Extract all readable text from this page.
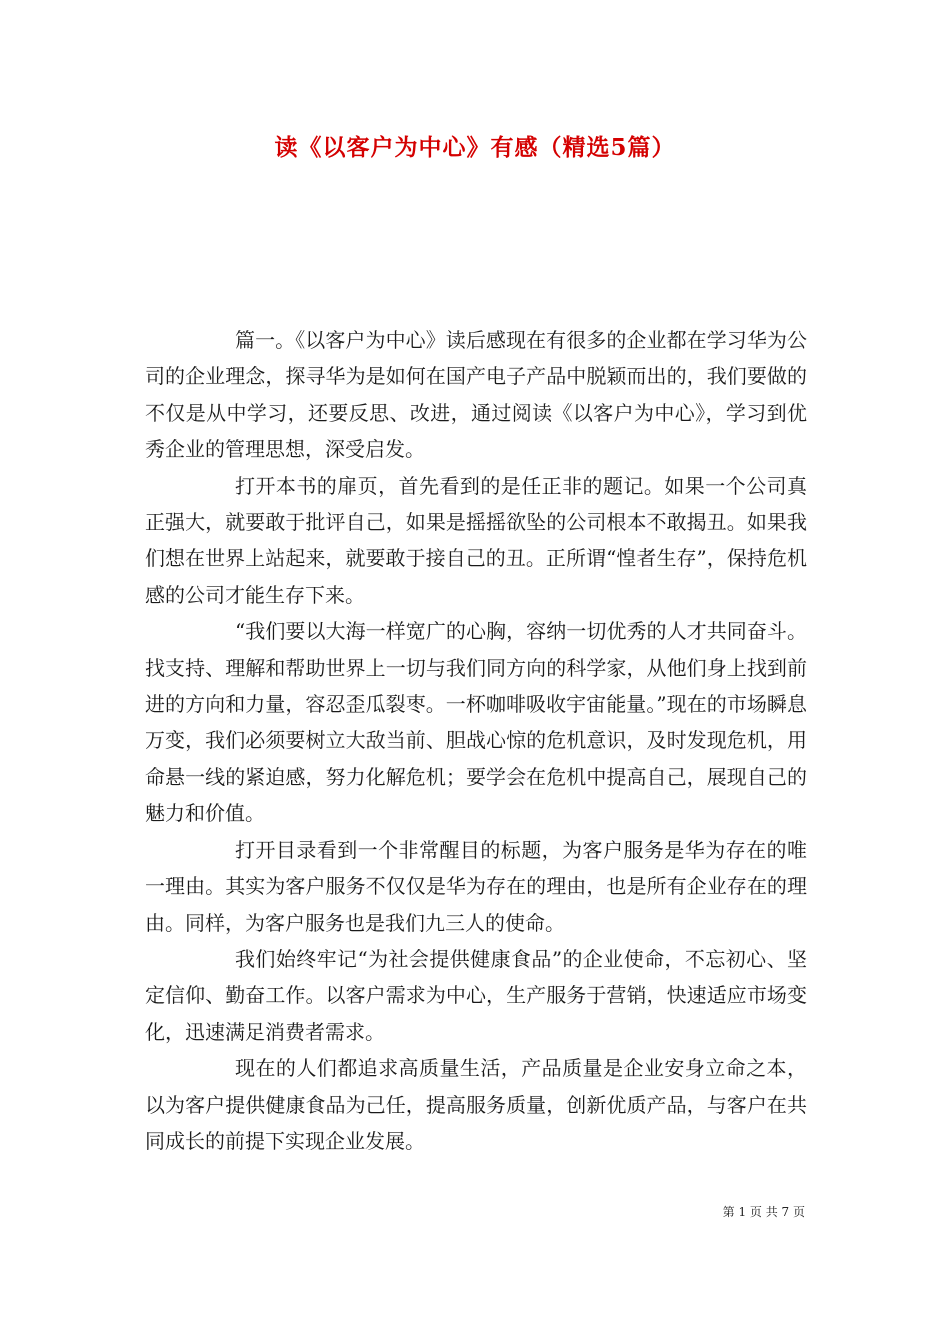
读《以客户为中心》有感（精选5篇）

篇一。《以客户为中心》读后感现在有很多的企业都在学习华为公司的企业理念，探寻华为是如何在国产电子产品中脱颖而出的，我们要做的不仅是从中学习，还要反思、改进，通过阅读《以客户为中心》，学习到优秀企业的管理思想，深受启发。

打开本书的扉页，首先看到的是任正非的题记。如果一个公司真正强大，就要敢于批评自己，如果是摇摇欲坠的公司根本不敢揭丑。如果我们想在世界上站起来，就要敢于接自己的丑。正所谓“惶者生存”，保持危机感的公司才能生存下来。

“我们要以大海一样宽广的心胸，容纳一切优秀的人才共同奋斗。找支持、理解和帮助世界上一切与我们同方向的科学家，从他们身上找到前进的方向和力量，容忍歪瓜裂枣。一杯咖啡吸收宇宙能量。”现在的市场瞬息万变，我们必须要树立大敌当前、胆战心惊的危机意识，及时发现危机，用命悬一线的紧迫感，努力化解危机；要学会在危机中提高自己，展现自己的魅力和价值。

打开目录看到一个非常醒目的标题，为客户服务是华为存在的唯一理由。其实为客户服务不仅仅是华为存在的理由，也是所有企业存在的理由。同样，为客户服务也是我们九三人的使命。

我们始终牢记“为社会提供健康食品”的企业使命，不忘初心、坚定信仰、勤奋工作。以客户需求为中心，生产服务于营销，快速适应市场变化，迅速满足消费者需求。

现在的人们都追求高质量生活，产品质量是企业安身立命之本，以为客户提供健康食品为己任，提高服务质量，创新优质产品，与客户在共同成长的前提下实现企业发展。

第 1 页 共 7 页
